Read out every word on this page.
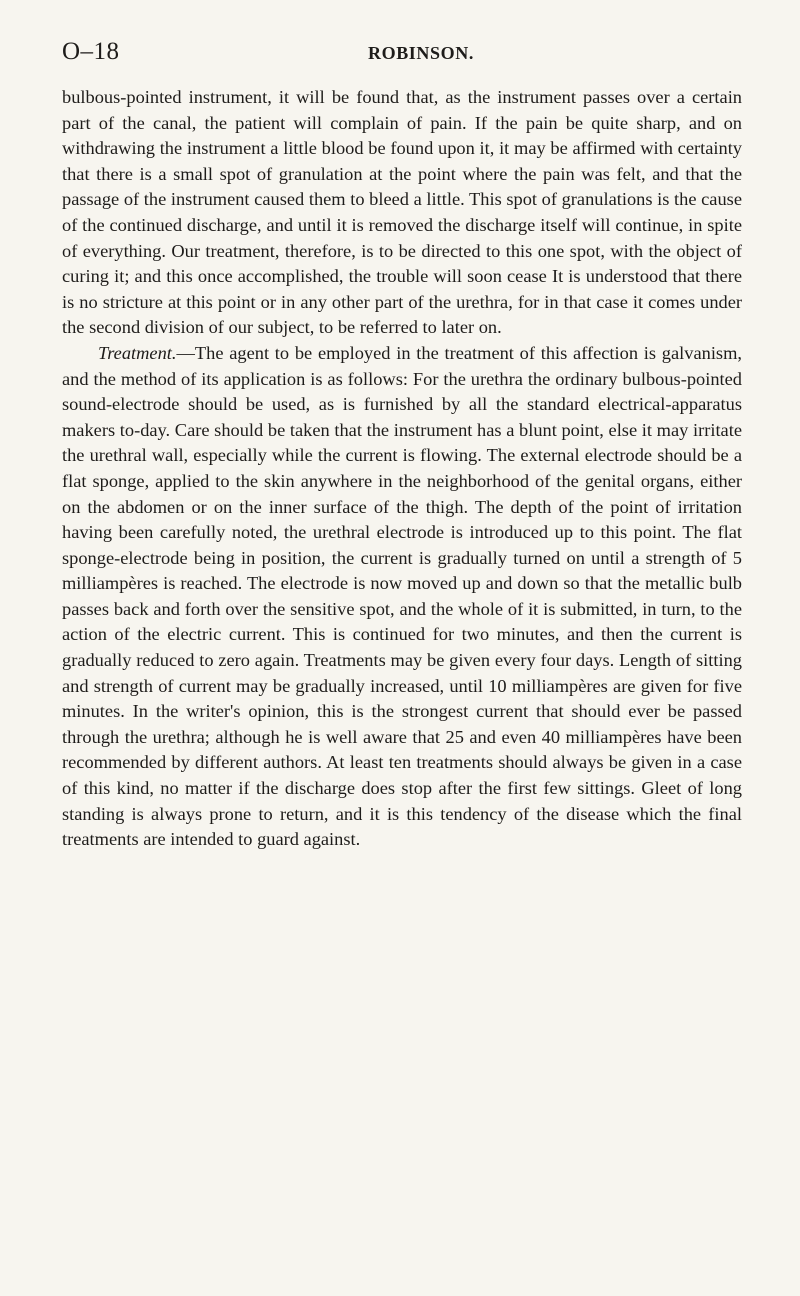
O–18	ROBINSON.

bulbous-pointed instrument, it will be found that, as the instrument passes over a certain part of the canal, the patient will complain of pain. If the pain be quite sharp, and on withdrawing the instrument a little blood be found upon it, it may be affirmed with certainty that there is a small spot of granulation at the point where the pain was felt, and that the passage of the instrument caused them to bleed a little. This spot of granulations is the cause of the continued discharge, and until it is removed the discharge itself will continue, in spite of everything. Our treatment, therefore, is to be directed to this one spot, with the object of curing it; and this once accomplished, the trouble will soon cease It is understood that there is no stricture at this point or in any other part of the urethra, for in that case it comes under the second division of our subject, to be referred to later on.

Treatment.—The agent to be employed in the treatment of this affection is galvanism, and the method of its application is as follows: For the urethra the ordinary bulbous-pointed sound-electrode should be used, as is furnished by all the standard electrical-apparatus makers to-day. Care should be taken that the instrument has a blunt point, else it may irritate the urethral wall, especially while the current is flowing. The external electrode should be a flat sponge, applied to the skin anywhere in the neighborhood of the genital organs, either on the abdomen or on the inner surface of the thigh. The depth of the point of irritation having been carefully noted, the urethral electrode is introduced up to this point. The flat sponge-electrode being in position, the current is gradually turned on until a strength of 5 milliampères is reached. The electrode is now moved up and down so that the metallic bulb passes back and forth over the sensitive spot, and the whole of it is submitted, in turn, to the action of the electric current. This is continued for two minutes, and then the current is gradually reduced to zero again. Treatments may be given every four days. Length of sitting and strength of current may be gradually increased, until 10 milliampères are given for five minutes. In the writer's opinion, this is the strongest current that should ever be passed through the urethra; although he is well aware that 25 and even 40 milliampères have been recommended by different authors. At least ten treatments should always be given in a case of this kind, no matter if the discharge does stop after the first few sittings. Gleet of long standing is always prone to return, and it is this tendency of the disease which the final treatments are intended to guard against.
